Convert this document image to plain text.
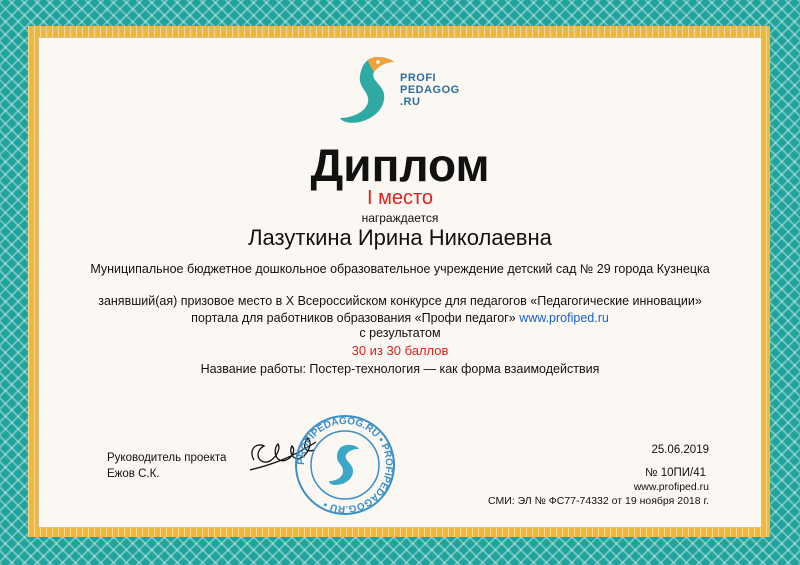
PROFI
PEDAGOG
.RU
Диплом
I место
награждается
Лазуткина Ирина Николаевна
Муниципальное бюджетное дошкольное образовательное учреждение детский сад № 29 города Кузнецка
занявший(ая) призовое место в X Всероссийском конкурсе для педагогов «Педагогические инновации»
портала для работников образования «Профи педагог» www.profiped.ru
с результатом
30 из 30 баллов
Название работы: Постер-технология — как форма взаимодействия
Руководитель проекта
Ежов С.К.
PROFIPEDAGOG.RU • PROFIPEDAGOG.RU •
25.06.2019
№ 10ПИ/41
www.profiped.ru
СМИ: ЭЛ № ФС77-74332 от 19 ноября 2018 г.
